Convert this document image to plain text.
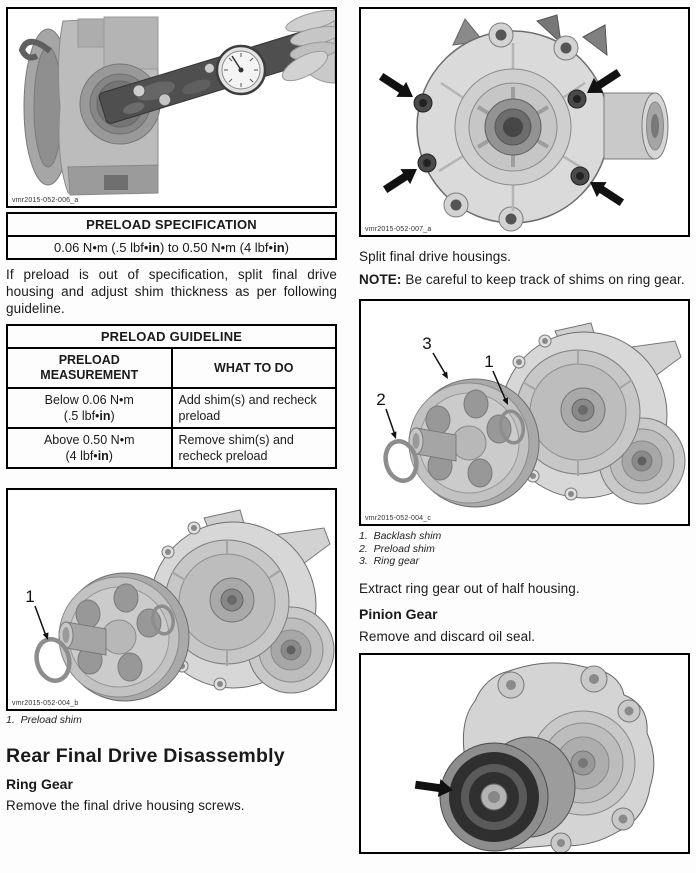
vmr2015-052-006_a
PRELOAD SPECIFICATION
0.06 N•m (.5 lbf•in) to 0.50 N•m (4 lbf•in)

If preload is out of specification, split final drive housing and adjust shim thickness as per following guideline.

PRELOAD GUIDELINE	
PRELOAD MEASUREMENT	WHAT TO DO
Below 0.06 N•m
(.5 lbf•in)	Add shim(s) and recheck preload
Above 0.50 N•m
(4 lbf•in)	Remove shim(s) and recheck preload
1
vmr2015-052-004_b
1.  Preload shim
Rear Final Drive Disassembly
Ring Gear

Remove the final drive housing screws.

vmr2015-052-007_a

Split final drive housings.

NOTE: Be careful to keep track of shims on ring gear.

2
3
1
vmr2015-052-004_c
1.  Backlash shim
2.  Preload shim
3.  Ring gear

Extract ring gear out of half housing.

Pinion Gear

Remove and discard oil seal.
